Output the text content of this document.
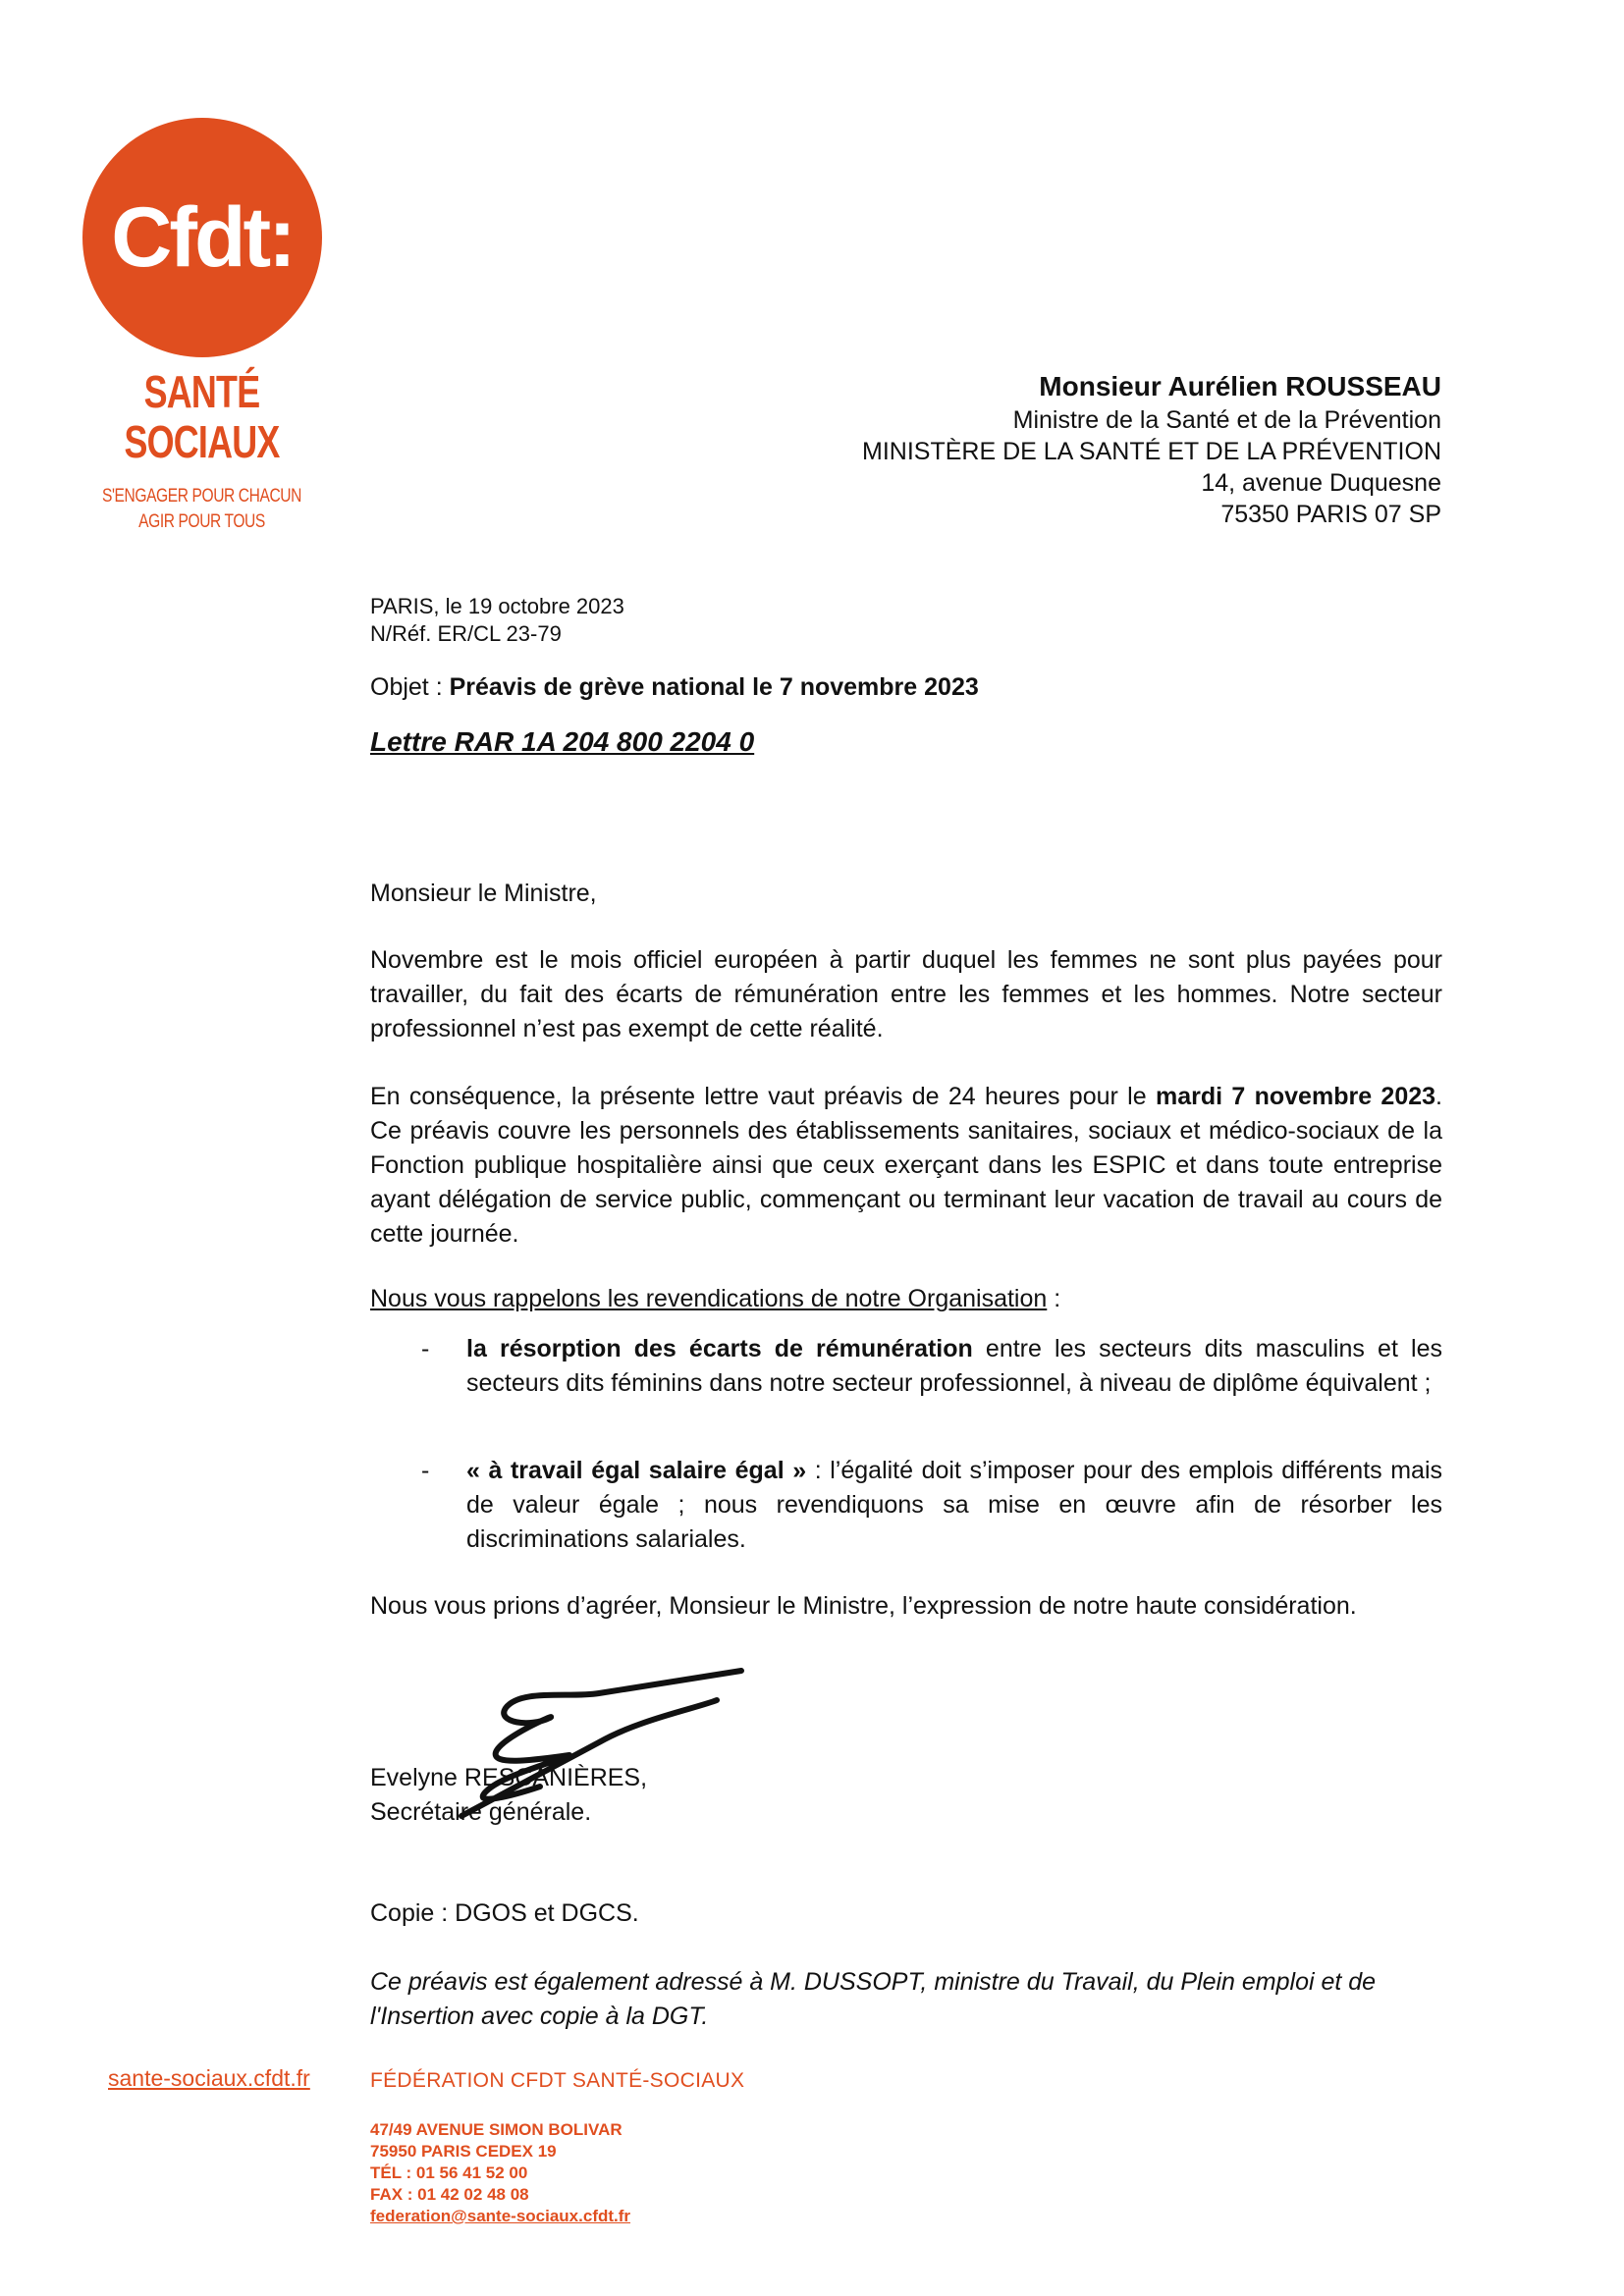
Cfdt:
SANTÉ
SOCIAUX
S'ENGAGER POUR CHACUN
AGIR POUR TOUS
Monsieur Aurélien ROUSSEAU
Ministre de la Santé et de la Prévention
MINISTÈRE DE LA SANTÉ ET DE LA PRÉVENTION
14, avenue Duquesne
75350 PARIS 07 SP
PARIS, le 19 octobre 2023
N/Réf. ER/CL 23-79
Objet : Préavis de grève national le 7 novembre 2023
Lettre RAR 1A 204 800 2204 0
Monsieur le Ministre,
Novembre est le mois officiel européen à partir duquel les femmes ne sont plus payées pour travailler, du fait des écarts de rémunération entre les femmes et les hommes. Notre secteur professionnel n’est pas exempt de cette réalité.
En conséquence, la présente lettre vaut préavis de 24 heures pour le mardi 7 novembre 2023. Ce préavis couvre les personnels des établissements sanitaires, sociaux et médico-sociaux de la Fonction publique hospitalière ainsi que ceux exerçant dans les ESPIC et dans toute entreprise ayant délégation de service public, commençant ou terminant leur vacation de travail au cours de cette journée.
Nous vous rappelons les revendications de notre Organisation :
- la résorption des écarts de rémunération entre les secteurs dits masculins et les secteurs dits féminins dans notre secteur professionnel, à niveau de diplôme équivalent ;
- « à travail égal salaire égal » : l’égalité doit s’imposer pour des emplois différents mais de valeur égale ; nous revendiquons sa mise en œuvre afin de résorber les discriminations salariales.
Nous vous prions d’agréer, Monsieur le Ministre, l’expression de notre haute considération.
Evelyne RESCANIÈRES,
Secrétaire générale.
Copie : DGOS et DGCS.
Ce préavis est également adressé à M. DUSSOPT, ministre du Travail, du Plein emploi et de l'Insertion avec copie à la DGT.
sante-sociaux.cfdt.fr	FÉDÉRATION CFDT SANTÉ-SOCIAUX
47/49 AVENUE SIMON BOLIVAR
75950 PARIS CEDEX 19
TÉL : 01 56 41 52 00
FAX : 01 42 02 48 08
federation@sante-sociaux.cfdt.fr
